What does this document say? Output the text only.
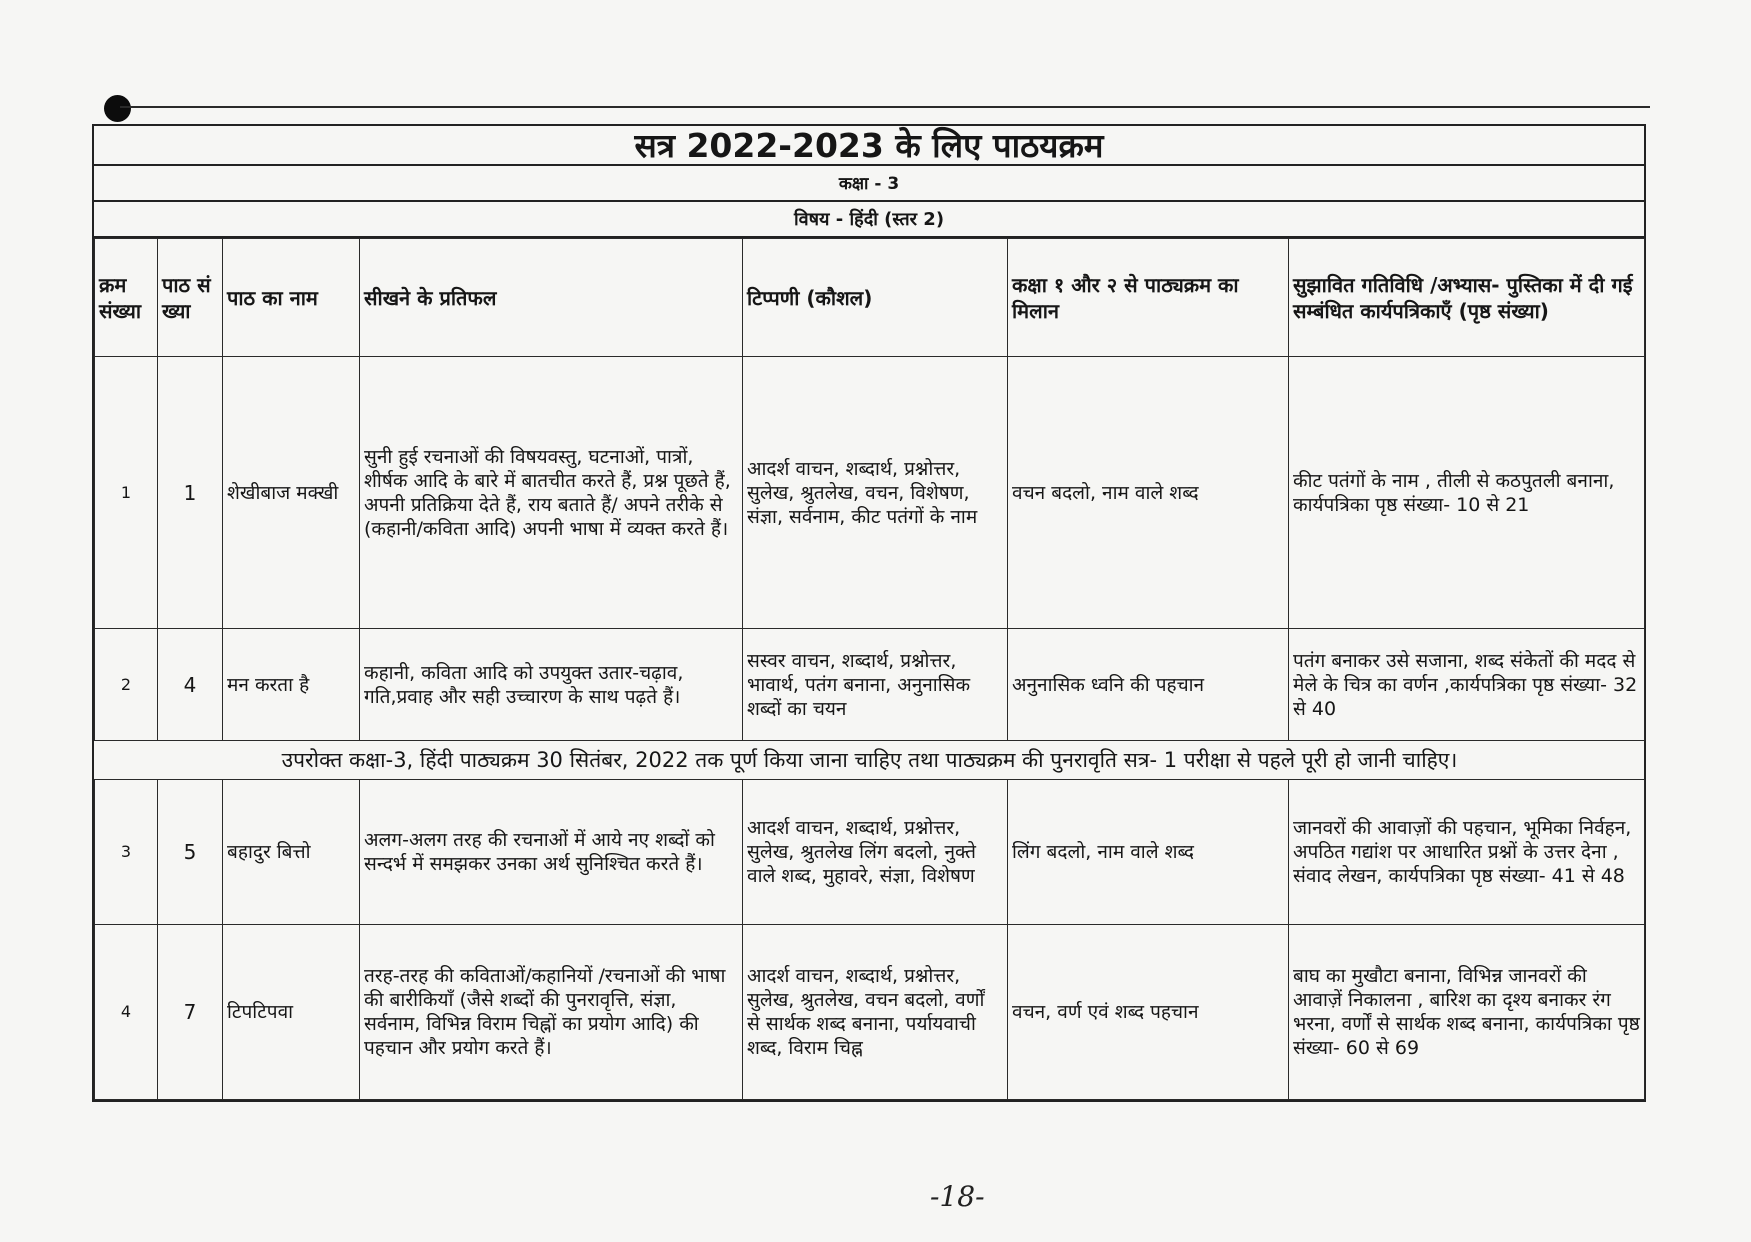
सत्र 2022-2023 के लिए पाठयक्रम
कक्षा - 3
विषय - हिंदी (स्तर 2)
क्रम संख्या	पाठ सं ख्या	पाठ का नाम	सीखने के प्रतिफल	टिप्पणी (कौशल)	कक्षा १ और २ से पाठ्यक्रम का मिलान	सुझावित गतिविधि /अभ्यास- पुस्तिका में दी गई सम्बंधित कार्यपत्रिकाएँ (पृष्ठ संख्या)
1	1	शेखीबाज मक्खी	सुनी हुई रचनाओं की विषयवस्तु, घटनाओं, पात्रों, शीर्षक आदि के बारे में बातचीत करते हैं, प्रश्न पूछते हैं, अपनी प्रतिक्रिया देते हैं, राय बताते हैं/ अपने तरीके से (कहानी/कविता आदि) अपनी भाषा में व्यक्त करते हैं।	आदर्श वाचन, शब्दार्थ, प्रश्नोत्तर, सुलेख, श्रुतलेख, वचन, विशेषण, संज्ञा, सर्वनाम, कीट पतंगों के नाम	वचन बदलो, नाम वाले शब्द	कीट पतंगों के नाम , तीली से कठपुतली बनाना, कार्यपत्रिका पृष्ठ संख्या- 10 से 21
2	4	मन करता है	कहानी, कविता आदि को उपयुक्त उतार-चढ़ाव, गति,प्रवाह और सही उच्चारण के साथ पढ़ते हैं।	सस्वर वाचन, शब्दार्थ, प्रश्नोत्तर, भावार्थ, पतंग बनाना, अनुनासिक शब्दों का चयन	अनुनासिक ध्वनि की पहचान	पतंग बनाकर उसे सजाना, शब्द संकेतों की मदद से मेले के चित्र का वर्णन ,कार्यपत्रिका पृष्ठ संख्या- 32 से 40
उपरोक्त कक्षा-3, हिंदी पाठ्यक्रम 30 सितंबर, 2022 तक पूर्ण किया जाना चाहिए तथा पाठ्यक्रम की पुनरावृति सत्र- 1 परीक्षा से पहले पूरी हो जानी चाहिए।						
3	5	बहादुर बित्तो	अलग-अलग तरह की रचनाओं में आये नए शब्दों को सन्दर्भ में समझकर उनका अर्थ सुनिश्चित करते हैं।	आदर्श वाचन, शब्दार्थ, प्रश्नोत्तर, सुलेख, श्रुतलेख लिंग बदलो, नुक्ते वाले शब्द, मुहावरे, संज्ञा, विशेषण	लिंग बदलो, नाम वाले शब्द	जानवरों की आवाज़ों की पहचान, भूमिका निर्वहन, अपठित गद्यांश पर आधारित प्रश्नों के उत्तर देना , संवाद लेखन, कार्यपत्रिका पृष्ठ संख्या- 41 से 48
4	7	टिपटिपवा	तरह-तरह की कविताओं/कहानियों /रचनाओं की भाषा की बारीकियाँ (जैसे शब्दों की पुनरावृत्ति, संज्ञा, सर्वनाम, विभिन्न विराम चिह्नों का प्रयोग आदि) की पहचान और प्रयोग करते हैं।	आदर्श वाचन, शब्दार्थ, प्रश्नोत्तर, सुलेख, श्रुतलेख, वचन बदलो, वर्णों से सार्थक शब्द बनाना, पर्यायवाची शब्द, विराम चिह्न	वचन, वर्ण एवं शब्द पहचान	बाघ का मुखौटा बनाना, विभिन्न जानवरों की आवाज़ें निकालना , बारिश का दृश्य बनाकर रंग भरना, वर्णों से सार्थक शब्द बनाना, कार्यपत्रिका पृष्ठ संख्या- 60 से 69
-18-
